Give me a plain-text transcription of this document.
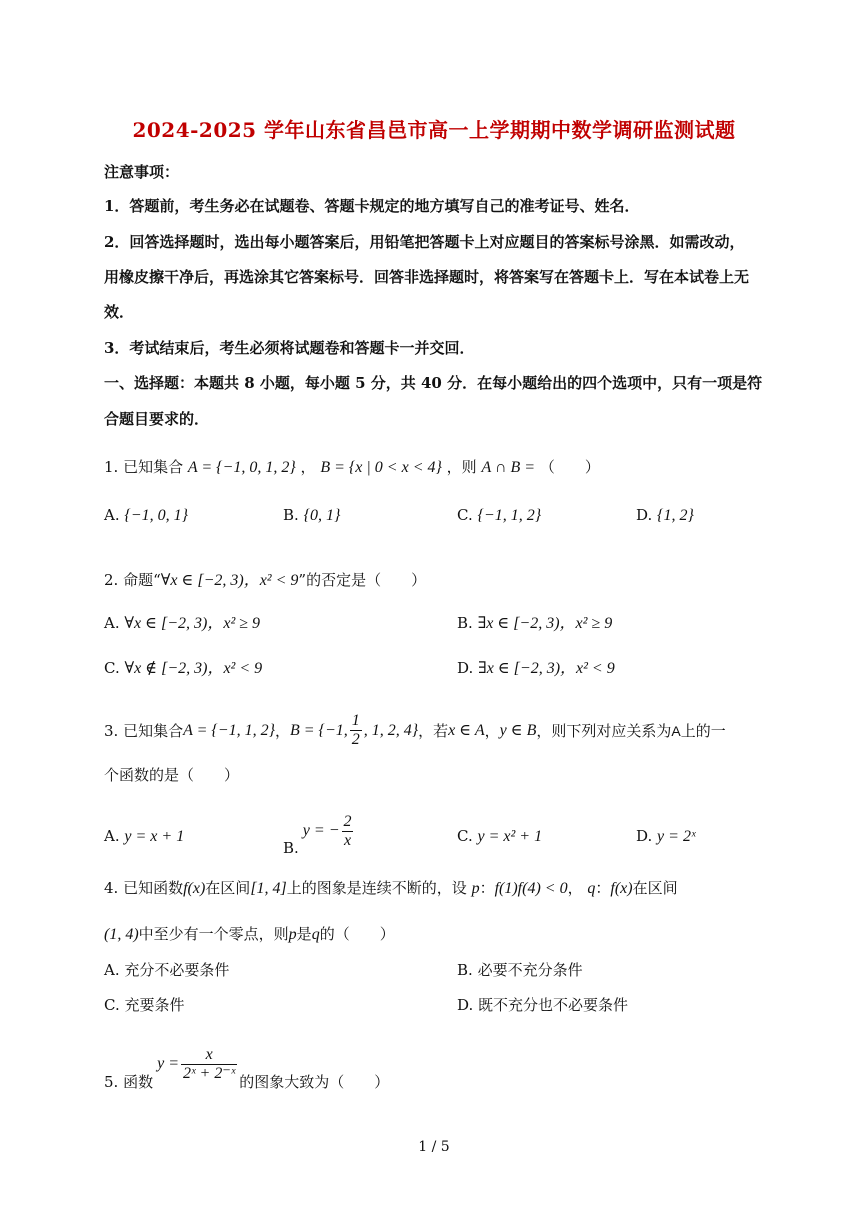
2024-2025 学年山东省昌邑市高一上学期期中数学调研监测试题
注意事项：
1．答题前，考生务必在试题卷、答题卡规定的地方填写自己的准考证号、姓名．
2．回答选择题时，选出每小题答案后，用铅笔把答题卡上对应题目的答案标号涂黑．如需改动，
用橡皮擦干净后，再选涂其它答案标号．回答非选择题时，将答案写在答题卡上．写在本试卷上无
效．
3．考试结束后，考生必须将试题卷和答题卡一并交回．
一、选择题：本题共 8 小题，每小题 5 分，共 40 分．在每小题给出的四个选项中，只有一项是符
合题目要求的．
1. 已知集合 A = {−1, 0, 1, 2} ， B = {x | 0 < x < 4} ，则 A ∩ B = （　　）
A. {−1, 0, 1}	B. {0, 1}	C. {−1, 1, 2}	D. {1, 2}
2. 命题“∀x ∈ [−2, 3)，x² < 9”的否定是（　　）
A. ∀x ∈ [−2, 3)，x² ≥ 9	B. ∃x ∈ [−2, 3)，x² ≥ 9
C. ∀x ∉ [−2, 3)，x² < 9	D. ∃x ∈ [−2, 3)，x² < 9
3. 已知集合 A = {−1, 1, 2} ， B = {−1, $\frac{1}{2}$ , 1, 2, 4} ，若 x ∈ A ， y ∈ B ，则下列对应关系为 A 上的一
个函数的是（　　）
A. y = x + 1
B.
y = − $\frac{2}{x}$	C. y = x² + 1	D. y = 2ˣ
4. 已知函数f(x)在区间[1, 4]上的图象是连续不断的，设 p：f(1)f(4) < 0， q：f(x)在区间
(1, 4)中至少有一个零点，则p是q的（　　）
A. 充分不必要条件	B. 必要不充分条件
C. 充要条件	D. 既不充分也不必要条件
5. 函数
$y = \frac{x}{\text{2ˣ + 2⁻ˣ}}$ 的图象大致为（　　）
1 / 5
